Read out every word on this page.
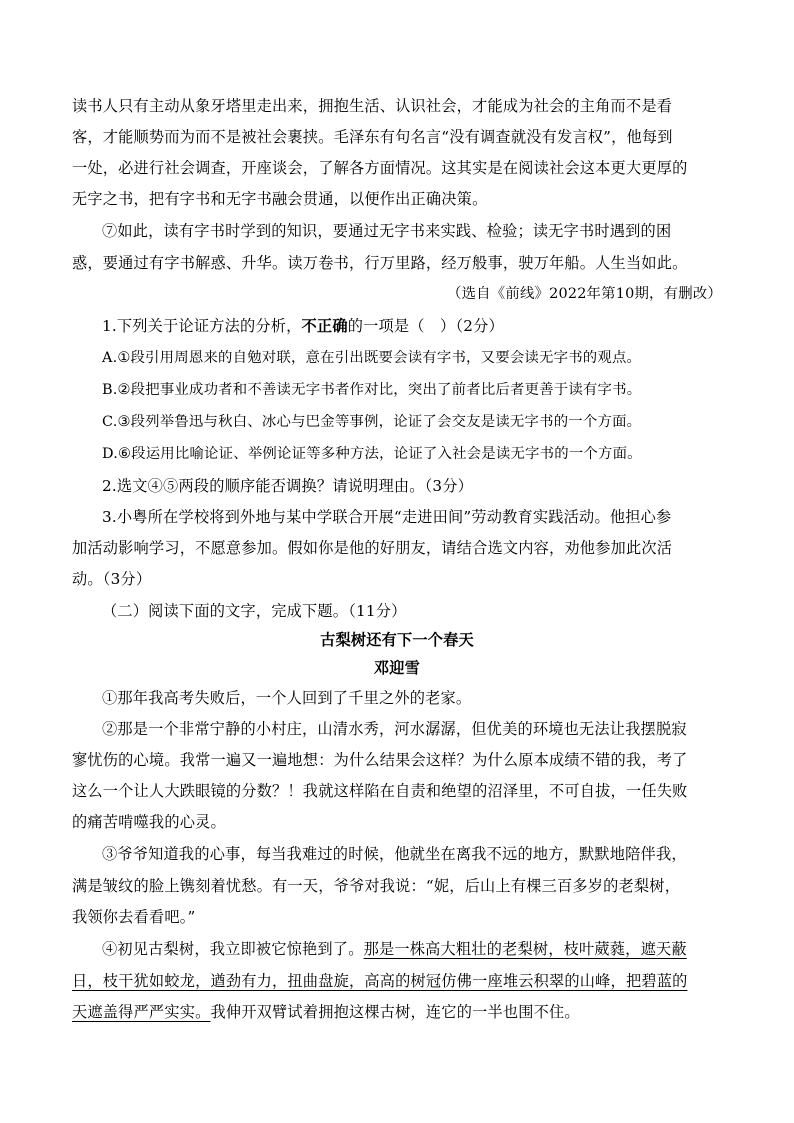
读书人只有主动从象牙塔里走出来，拥抱生活、认识社会，才能成为社会的主角而不是看
客，才能顺势而为而不是被社会裹挟。毛泽东有句名言“没有调查就没有发言权”，他每到
一处，必进行社会调查，开座谈会，了解各方面情况。这其实是在阅读社会这本更大更厚的
无字之书，把有字书和无字书融会贯通，以便作出正确决策。
⑦如此，读有字书时学到的知识，要通过无字书来实践、检验；读无字书时遇到的困
惑，要通过有字书解惑、升华。读万卷书，行万里路，经万般事，驶万年船。人生当如此。
（选自《前线》2022年第10期，有删改）
1.下列关于论证方法的分析，不正确的一项是（　）（2分）
A.①段引用周恩来的自勉对联，意在引出既要会读有字书，又要会读无字书的观点。
B.②段把事业成功者和不善读无字书者作对比，突出了前者比后者更善于读有字书。
C.③段列举鲁迅与秋白、冰心与巴金等事例，论证了会交友是读无字书的一个方面。
D.⑥段运用比喻论证、举例论证等多种方法，论证了入社会是读无字书的一个方面。
2.选文④⑤两段的顺序能否调换？请说明理由。（3分）
3.小粤所在学校将到外地与某中学联合开展“走进田间”劳动教育实践活动。他担心参
加活动影响学习，不愿意参加。假如你是他的好朋友，请结合选文内容，劝他参加此次活
动。（3分）
（二）阅读下面的文字，完成下题。（11分）
古梨树还有下一个春天
邓迎雪
①那年我高考失败后，一个人回到了千里之外的老家。
②那是一个非常宁静的小村庄，山清水秀，河水潺潺，但优美的环境也无法让我摆脱寂
寥忧伤的心境。我常一遍又一遍地想：为什么结果会这样？为什么原本成绩不错的我，考了
这么一个让人大跌眼镜的分数？！我就这样陷在自责和绝望的沼泽里，不可自拔，一任失败
的痛苦啃噬我的心灵。
③爷爷知道我的心事，每当我难过的时候，他就坐在离我不远的地方，默默地陪伴我，
满是皱纹的脸上镌刻着忧愁。有一天，爷爷对我说：“妮，后山上有棵三百多岁的老梨树，
我领你去看看吧。”
④初见古梨树，我立即被它惊艳到了。那是一株高大粗壮的老梨树，枝叶葳蕤，遮天蔽
日，枝干犹如蛟龙，遒劲有力，扭曲盘旋，高高的树冠仿佛一座堆云积翠的山峰，把碧蓝的
天遮盖得严严实实。我伸开双臂试着拥抱这棵古树，连它的一半也围不住。
